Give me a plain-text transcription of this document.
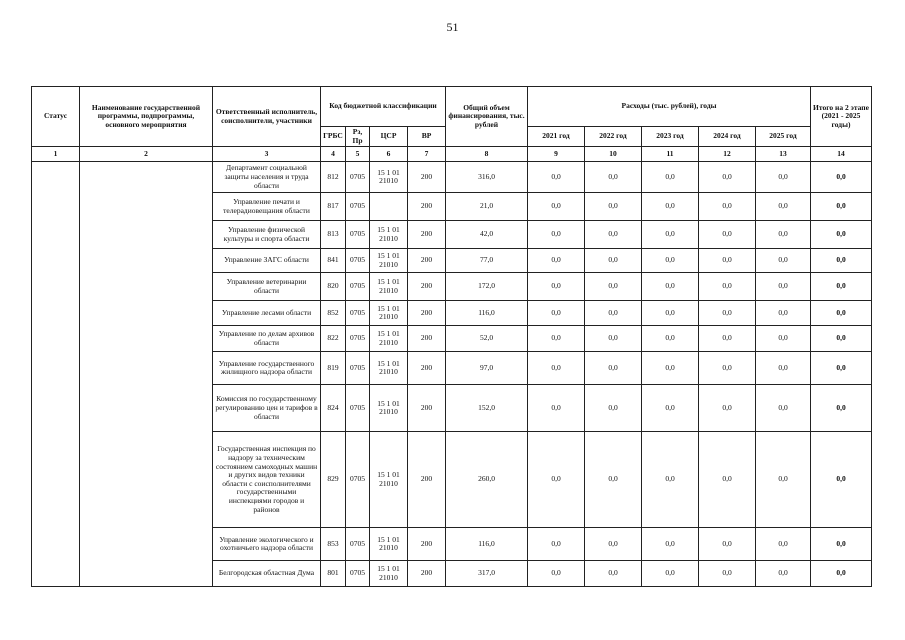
51
Статус	Наименование государственной программы, подпрограммы, основного мероприятия	Ответственный исполнитель, соисполнители, участники	Код бюджетной классификации				Общий объем финансирования, тыс. рублей	Расходы (тыс. рублей), годы					Итого на 2 этапе (2021 - 2025 годы)
			ГРБС	Рз, Пр	ЦСР	ВР		2021 год	2022 год	2023 год	2024 год	2025 год	
1	2	3	4	5	6	7	8	9	10	11	12	13	14
		Департамент социальной защиты населения и труда области	812	0705	15 1 01 21010	200	316,0	0,0	0,0	0,0	0,0	0,0	0,0
		Управление печати и телерадиовещания области	817	0705		200	21,0	0,0	0,0	0,0	0,0	0,0	0,0
		Управление физической культуры и спорта области	813	0705	15 1 01 21010	200	42,0	0,0	0,0	0,0	0,0	0,0	0,0
		Управление ЗАГС области	841	0705	15 1 01 21010	200	77,0	0,0	0,0	0,0	0,0	0,0	0,0
		Управление ветеринарии области	820	0705	15 1 01 21010	200	172,0	0,0	0,0	0,0	0,0	0,0	0,0
		Управление лесами области	852	0705	15 1 01 21010	200	116,0	0,0	0,0	0,0	0,0	0,0	0,0
		Управление по делам архивов области	822	0705	15 1 01 21010	200	52,0	0,0	0,0	0,0	0,0	0,0	0,0
		Управление государственного жилищного надзора области	819	0705	15 1 01 21010	200	97,0	0,0	0,0	0,0	0,0	0,0	0,0
		Комиссия по государственному регулированию цен и тарифов в области	824	0705	15 1 01 21010	200	152,0	0,0	0,0	0,0	0,0	0,0	0,0
		Государственная инспекция по надзору за техническим состоянием самоходных машин и других видов техники области с соисполнителями государственными инспекциями городов и районов	829	0705	15 1 01 21010	200	260,0	0,0	0,0	0,0	0,0	0,0	0,0
		Управление экологического и охотничьего надзора области	853	0705	15 1 01 21010	200	116,0	0,0	0,0	0,0	0,0	0,0	0,0
		Белгородская областная Дума	801	0705	15 1 01 21010	200	317,0	0,0	0,0	0,0	0,0	0,0	0,0
